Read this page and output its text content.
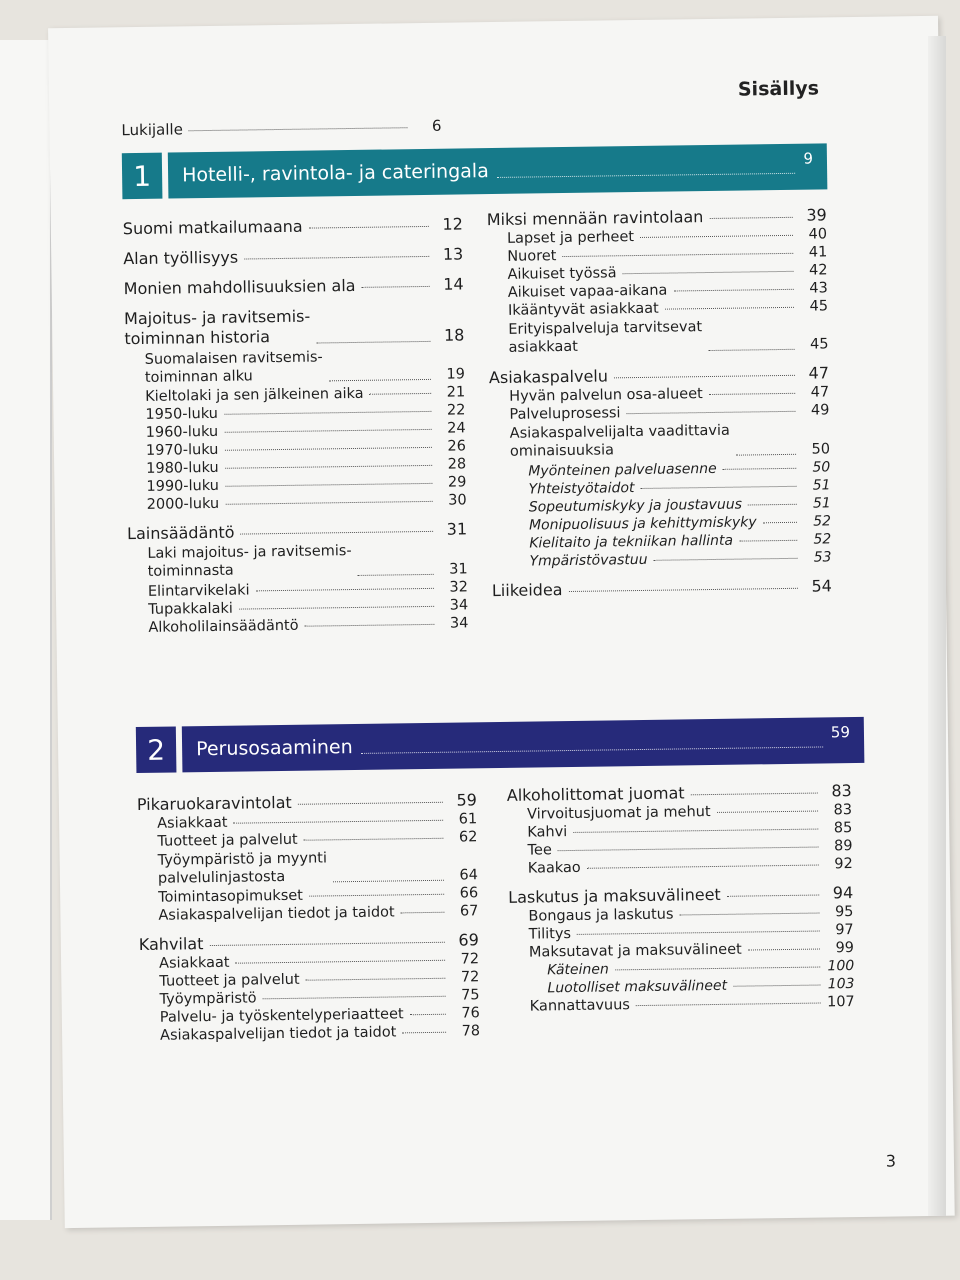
Sisällys
Lukijalle	6
1	Hotelli-, ravintola- ja cateringala
9
Suomi matkailumaana	12
Alan työllisyys	13
Monien mahdollisuuksien ala	14
Majoitus- ja ravitsemis-
toiminnan historia	18
Suomalaisen ravitsemis-
toiminnan alku	19
Kieltolaki ja sen jälkeinen aika	21
1950-luku	22
1960-luku	24
1970-luku	26
1980-luku	28
1990-luku	29
2000-luku	30
Lainsäädäntö	31
Laki majoitus- ja ravitsemis-
toiminnasta	31
Elintarvikelaki	32
Tupakkalaki	34
Alkoholilainsäädäntö	34
Miksi mennään ravintolaan	39
Lapset ja perheet	40
Nuoret	41
Aikuiset työssä	42
Aikuiset vapaa-aikana	43
Ikääntyvät asiakkaat	45
Erityispalveluja tarvitsevat
asiakkaat	45
Asiakaspalvelu	47
Hyvän palvelun osa-alueet	47
Palveluprosessi	49
Asiakaspalvelijalta vaadittavia
ominaisuuksia	50
Myönteinen palveluasenne	50
Yhteistyötaidot	51
Sopeutumiskyky ja joustavuus	51
Monipuolisuus ja kehittymiskyky	52
Kielitaito ja tekniikan hallinta	52
Ympäristövastuu	53
Liikeidea	54
2	Perusosaaminen
59
Pikaruokaravintolat	59
Asiakkaat	61
Tuotteet ja palvelut	62
Työympäristö ja myynti
palvelulinjastosta	64
Toimintasopimukset	66
Asiakaspalvelijan tiedot ja taidot	67
Kahvilat	69
Asiakkaat	72
Tuotteet ja palvelut	72
Työympäristö	75
Palvelu- ja työskentelyperiaatteet	76
Asiakaspalvelijan tiedot ja taidot	78
Alkoholittomat juomat	83
Virvoitusjuomat ja mehut	83
Kahvi	85
Tee	89
Kaakao	92
Laskutus ja maksuvälineet	94
Bongaus ja laskutus	95
Tilitys	97
Maksutavat ja maksuvälineet	99
Käteinen	100
Luotolliset maksuvälineet	103
Kannattavuus	107
3
